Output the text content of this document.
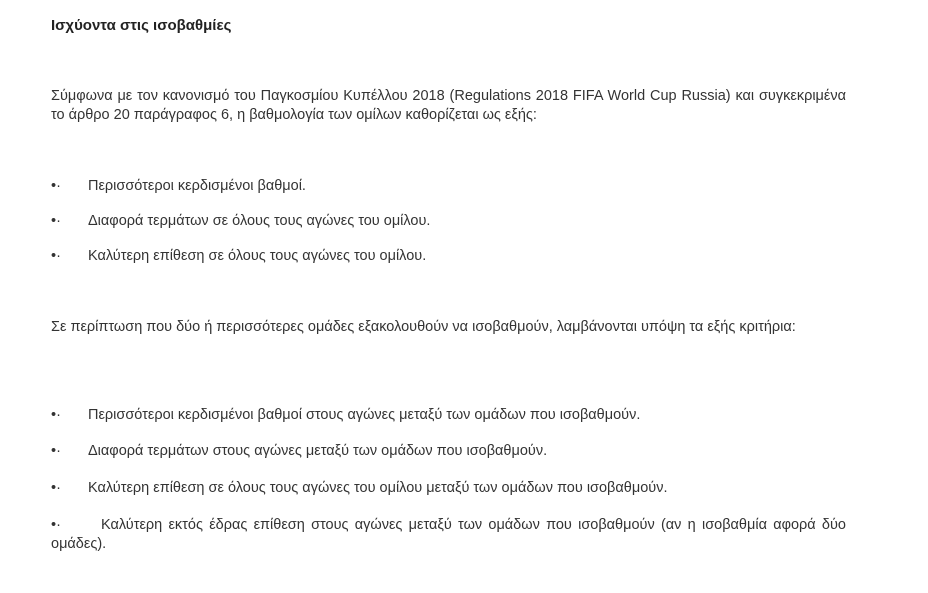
Ισχύοντα στις ισοβαθμίες

Σύμφωνα με τον κανονισμό του Παγκοσμίου Κυπέλλου 2018 (Regulations 2018 FIFA World Cup Russia) και συγκεκριμένα το άρθρο 20 παράγραφος 6, η βαθμολογία των ομίλων καθορίζεται ως εξής:

•· Περισσότεροι κερδισμένοι βαθμοί.
•· Διαφορά τερμάτων σε όλους τους αγώνες του ομίλου.
•· Καλύτερη επίθεση σε όλους τους αγώνες του ομίλου.

Σε περίπτωση που δύο ή περισσότερες ομάδες εξακολουθούν να ισοβαθμούν, λαμβάνονται υπόψη τα εξής κριτήρια:

•· Περισσότεροι κερδισμένοι βαθμοί στους αγώνες μεταξύ των ομάδων που ισοβαθμούν.
•· Διαφορά τερμάτων στους αγώνες μεταξύ των ομάδων που ισοβαθμούν.
•· Καλύτερη επίθεση σε όλους τους αγώνες του ομίλου μεταξύ των ομάδων που ισοβαθμούν.
•·	Καλύτερη εκτός έδρας επίθεση στους αγώνες μεταξύ των ομάδων που ισοβαθμούν (αν η ισοβαθμία αφορά δύο ομάδες).
